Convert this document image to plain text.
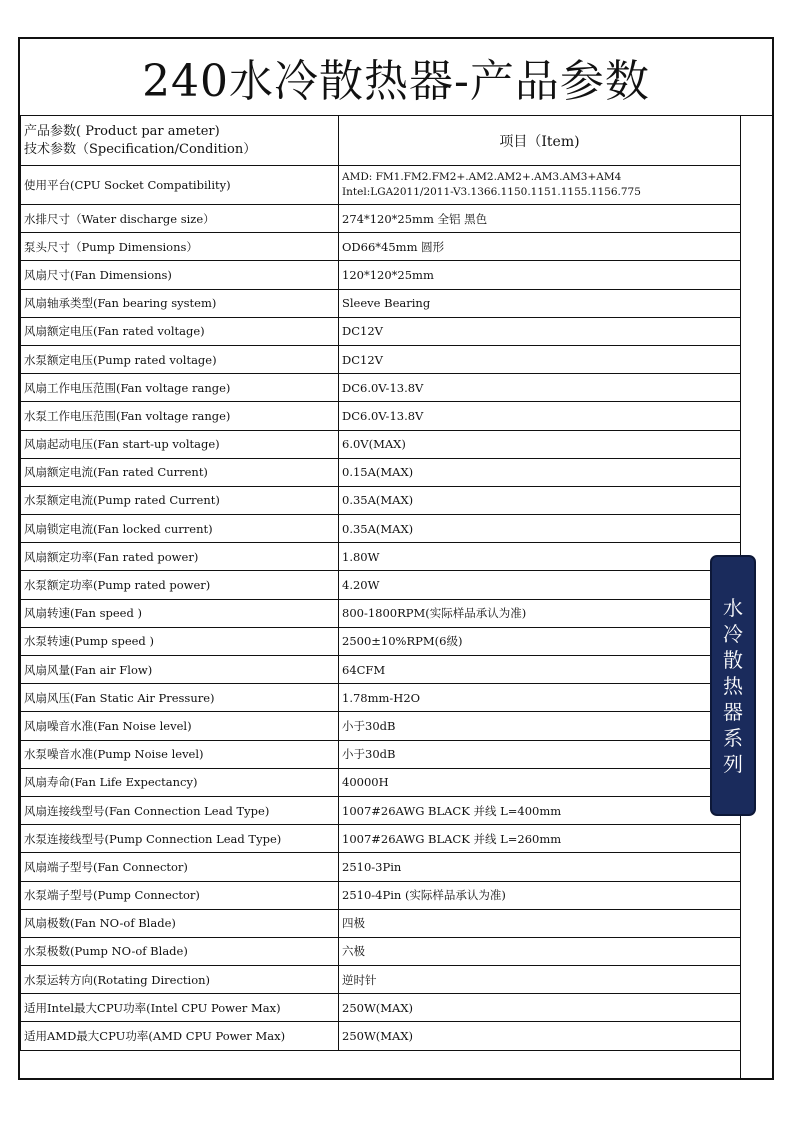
240水冷散热器-产品参数
产品参数( Product par ameter)
技术参数（Specification/Condition）	项目（Item)
使用平台(CPU Socket Compatibility)	AMD: FM1.FM2.FM2+.AM2.AM2+.AM3.AM3+AM4
Intel:LGA2011/2011-V3.1366.1150.1151.1155.1156.775

水排尺寸（Water discharge size）	274*120*25mm 全铝 黑色
泵头尺寸（Pump Dimensions）	OD66*45mm 圆形
风扇尺寸(Fan Dimensions)	120*120*25mm
风扇轴承类型(Fan bearing system)	Sleeve Bearing
风扇额定电压(Fan rated voltage)	DC12V
水泵额定电压(Pump rated voltage)	DC12V
风扇工作电压范围(Fan voltage range)	DC6.0V-13.8V
水泵工作电压范围(Fan voltage range)	DC6.0V-13.8V
风扇起动电压(Fan start-up voltage)	6.0V(MAX)
风扇额定电流(Fan rated Current)	0.15A(MAX)
水泵额定电流(Pump rated Current)	0.35A(MAX)
风扇锁定电流(Fan locked current)	0.35A(MAX)
风扇额定功率(Fan rated power)	1.80W
水泵额定功率(Pump rated power)	4.20W
风扇转速(Fan speed )	800-1800RPM(实际样品承认为准)
水泵转速(Pump speed )	2500±10%RPM(6级)
风扇风量(Fan air Flow)	64CFM
风扇风压(Fan Static Air Pressure)	1.78mm-H2O
风扇噪音水准(Fan Noise level)	小于30dB
水泵噪音水准(Pump Noise level)	小于30dB
风扇寿命(Fan Life Expectancy)	40000H
风扇连接线型号(Fan Connection Lead Type)	1007#26AWG BLACK 并线 L=400mm
水泵连接线型号(Pump Connection Lead Type)	1007#26AWG BLACK 并线 L=260mm
风扇端子型号(Fan Connector)	2510-3Pin
水泵端子型号(Pump Connector)	2510-4Pin (实际样品承认为准)
风扇极数(Fan NO-of Blade)	四极
水泵极数(Pump NO-of Blade)	六极
水泵运转方向(Rotating Direction)	逆时针
适用Intel最大CPU功率(Intel CPU Power Max)	250W(MAX)
适用AMD最大CPU功率(AMD CPU Power Max)	250W(MAX)
水
冷
散
热
器
系
列
